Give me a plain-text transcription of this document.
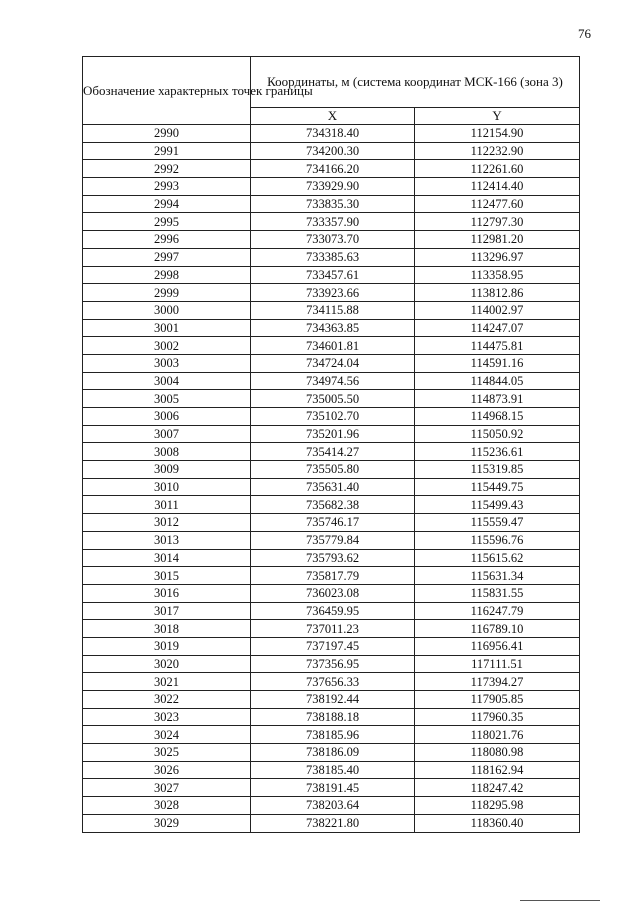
76
Обозначение характерных точек границы	Координаты, м (система координат МСК-166 (зона 3)	
	X	Y
2990	734318.40	112154.90
2991	734200.30	112232.90
2992	734166.20	112261.60
2993	733929.90	112414.40
2994	733835.30	112477.60
2995	733357.90	112797.30
2996	733073.70	112981.20
2997	733385.63	113296.97
2998	733457.61	113358.95
2999	733923.66	113812.86
3000	734115.88	114002.97
3001	734363.85	114247.07
3002	734601.81	114475.81
3003	734724.04	114591.16
3004	734974.56	114844.05
3005	735005.50	114873.91
3006	735102.70	114968.15
3007	735201.96	115050.92
3008	735414.27	115236.61
3009	735505.80	115319.85
3010	735631.40	115449.75
3011	735682.38	115499.43
3012	735746.17	115559.47
3013	735779.84	115596.76
3014	735793.62	115615.62
3015	735817.79	115631.34
3016	736023.08	115831.55
3017	736459.95	116247.79
3018	737011.23	116789.10
3019	737197.45	116956.41
3020	737356.95	117111.51
3021	737656.33	117394.27
3022	738192.44	117905.85
3023	738188.18	117960.35
3024	738185.96	118021.76
3025	738186.09	118080.98
3026	738185.40	118162.94
3027	738191.45	118247.42
3028	738203.64	118295.98
3029	738221.80	118360.40
